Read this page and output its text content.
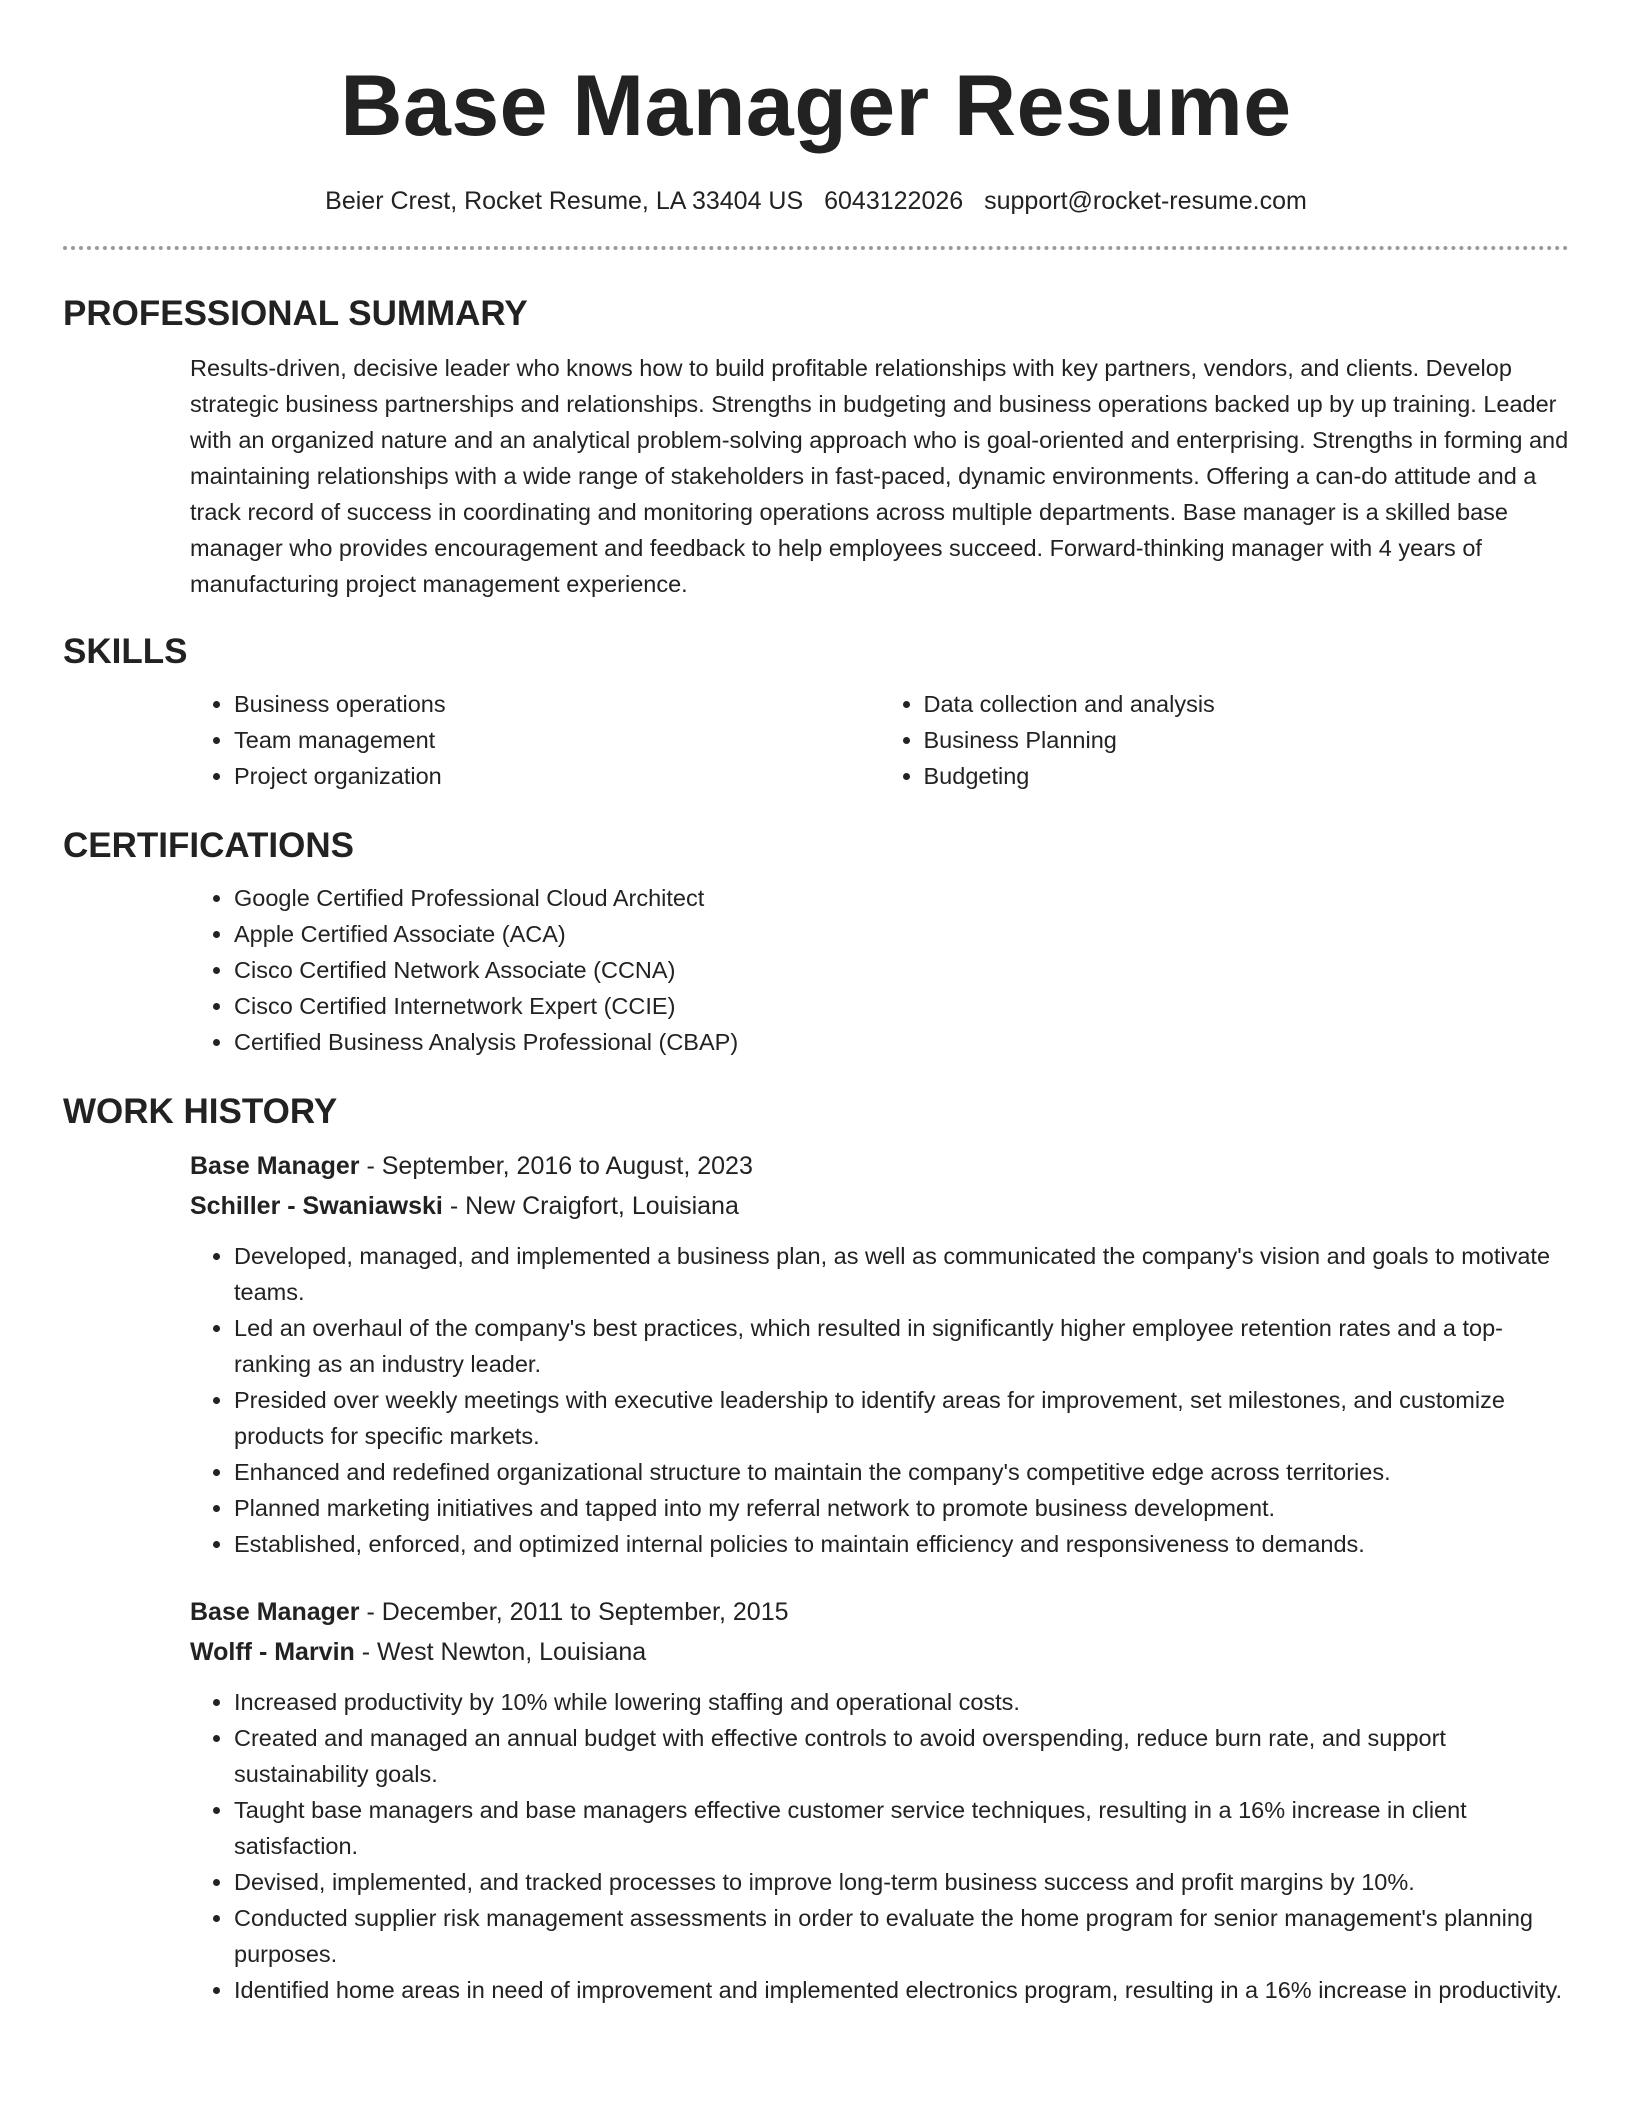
Base Manager Resume
Beier Crest, Rocket Resume, LA 33404 US 6043122026 support@rocket-resume.com
PROFESSIONAL SUMMARY

Results-driven, decisive leader who knows how to build profitable relationships with key partners, vendors, and clients. Develop strategic business partnerships and relationships. Strengths in budgeting and business operations backed up by up training. Leader with an organized nature and an analytical problem-solving approach who is goal-oriented and enterprising. Strengths in forming and maintaining relationships with a wide range of stakeholders in fast-paced, dynamic environments. Offering a can-do attitude and a track record of success in coordinating and monitoring operations across multiple departments. Base manager is a skilled base manager who provides encouragement and feedback to help employees succeed. Forward-thinking manager with 4 years of manufacturing project management experience.

SKILLS
• Business operations
• Team management
• Project organization
• Data collection and analysis
• Business Planning
• Budgeting
CERTIFICATIONS
• Google Certified Professional Cloud Architect
• Apple Certified Associate (ACA)
• Cisco Certified Network Associate (CCNA)
• Cisco Certified Internetwork Expert (CCIE)
• Certified Business Analysis Professional (CBAP)
WORK HISTORY
Base Manager - September, 2016 to August, 2023
Schiller - Swaniawski - New Craigfort, Louisiana
• Developed, managed, and implemented a business plan, as well as communicated the company's vision and goals to motivate teams.
• Led an overhaul of the company's best practices, which resulted in significantly higher employee retention rates and a top-ranking as an industry leader.
• Presided over weekly meetings with executive leadership to identify areas for improvement, set milestones, and customize products for specific markets.
• Enhanced and redefined organizational structure to maintain the company's competitive edge across territories.
• Planned marketing initiatives and tapped into my referral network to promote business development.
• Established, enforced, and optimized internal policies to maintain efficiency and responsiveness to demands.
Base Manager - December, 2011 to September, 2015
Wolff - Marvin - West Newton, Louisiana
• Increased productivity by 10% while lowering staffing and operational costs.
• Created and managed an annual budget with effective controls to avoid overspending, reduce burn rate, and support sustainability goals.
• Taught base managers and base managers effective customer service techniques, resulting in a 16% increase in client satisfaction.
• Devised, implemented, and tracked processes to improve long-term business success and profit margins by 10%.
• Conducted supplier risk management assessments in order to evaluate the home program for senior management's planning purposes.
• Identified home areas in need of improvement and implemented electronics program, resulting in a 16% increase in productivity.
